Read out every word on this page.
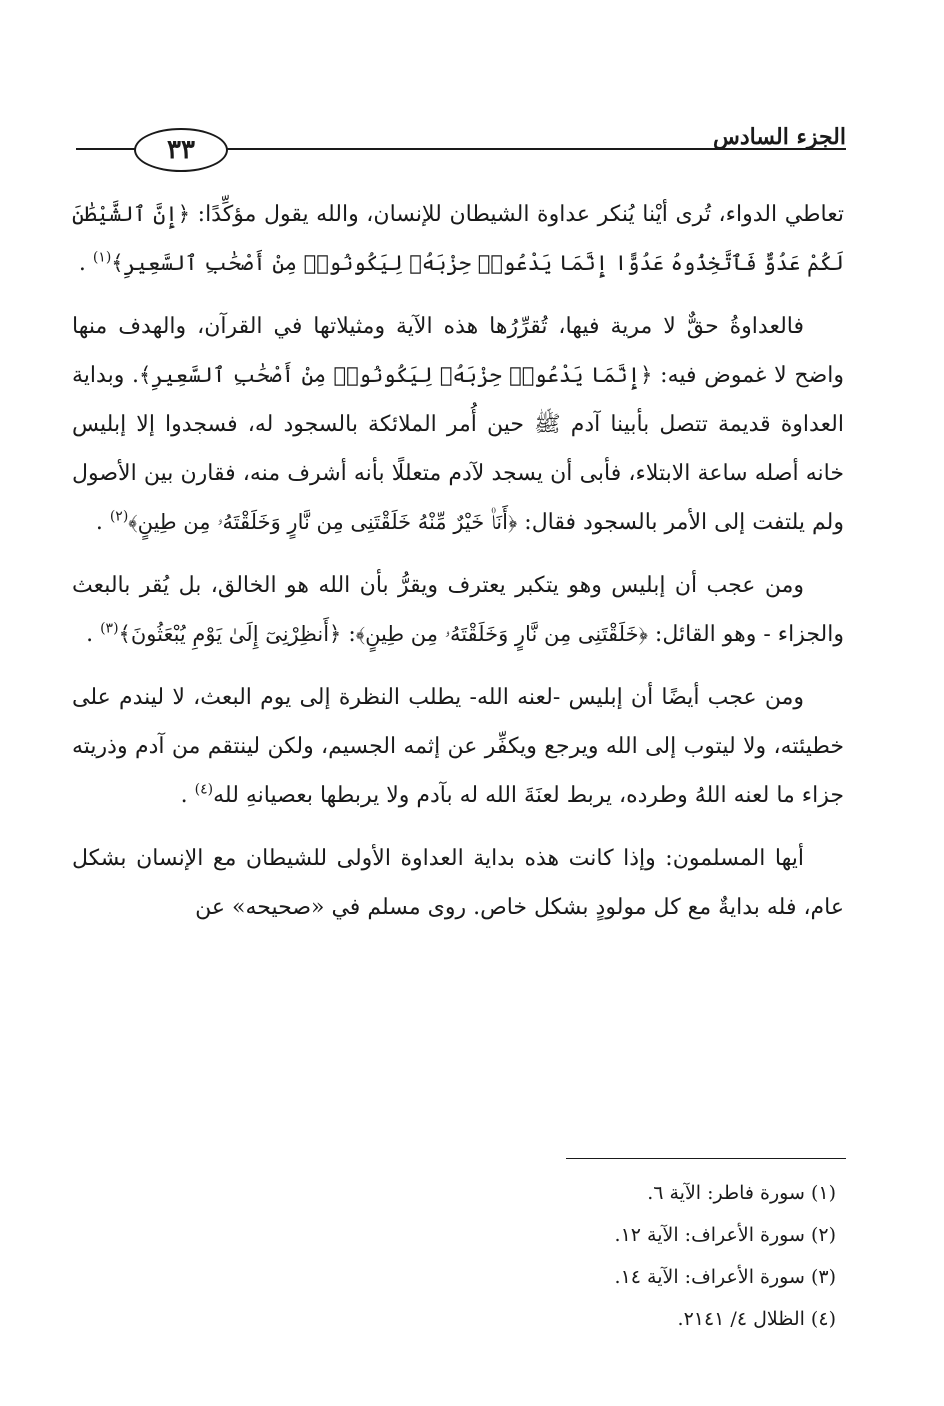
الجزء السادس
٣٣

تعاطي الدواء، تُرى أيْنا يُنكر عداوة الشيطان للإنسان، والله يقول مؤكِّدًا: ﴿إِنَّ ٱلشَّيْطَٰنَ لَكُمْ عَدُوٌّ فَٱتَّخِذُوهُ عَدُوًّا إِنَّمَا يَدْعُوا۟ حِزْبَهُۥ لِيَكُونُوا۟ مِنْ أَصْحَٰبِ ٱلسَّعِيرِ﴾$^{(١)}$ .

فالعداوةُ حقٌّ لا مرية فيها، تُقرِّرُها هذه الآية ومثيلاتها في القرآن، والهدف منها واضح لا غموض فيه: ﴿إِنَّمَا يَدْعُوا۟ حِزْبَهُۥ لِيَكُونُوا۟ مِنْ أَصْحَٰبِ ٱلسَّعِيرِ﴾. وبداية العداوة قديمة تتصل بأبينا آدم ﷺ حين أُمر الملائكة بالسجود له، فسجدوا إلا إبليس خانه أصله ساعة الابتلاء، فأبى أن يسجد لآدم متعللًا بأنه أشرف منه، فقارن بين الأصول ولم يلتفت إلى الأمر بالسجود فقال: ﴿أَنَا۠ خَيْرٌ مِّنْهُ خَلَقْتَنِى مِن نَّارٍ وَخَلَقْتَهُۥ مِن طِينٍ﴾$^{(٢)}$ .

ومن عجب أن إبليس وهو يتكبر يعترف ويقرُّ بأن الله هو الخالق، بل يُقر بالبعث والجزاء - وهو القائل: ﴿خَلَقْتَنِى مِن نَّارٍ وَخَلَقْتَهُۥ مِن طِينٍ﴾: ﴿أَنظِرْنِىٓ إِلَىٰ يَوْمِ يُبْعَثُونَ﴾$^{(٣)}$ .

ومن عجب أيضًا أن إبليس -لعنه الله- يطلب النظرة إلى يوم البعث، لا ليندم على خطيئته، ولا ليتوب إلى الله ويرجع ويكفِّر عن إثمه الجسيم، ولكن لينتقم من آدم وذريته جزاء ما لعنه اللهُ وطرده، يربط لعنَةَ الله له بآدم ولا يربطها بعصيانهِ لله$^{(٤)}$ .

أيها المسلمون: وإذا كانت هذه بداية العداوة الأولى للشيطان مع الإنسان بشكل عام، فله بدايةٌ مع كل مولودٍ بشكل خاص. روى مسلم في «صحيحه» عن

(١) سورة فاطر: الآية ٦.
(٢) سورة الأعراف: الآية ١٢.
(٣) سورة الأعراف: الآية ١٤.
(٤) الظلال ٤/ ٢١٤١.
